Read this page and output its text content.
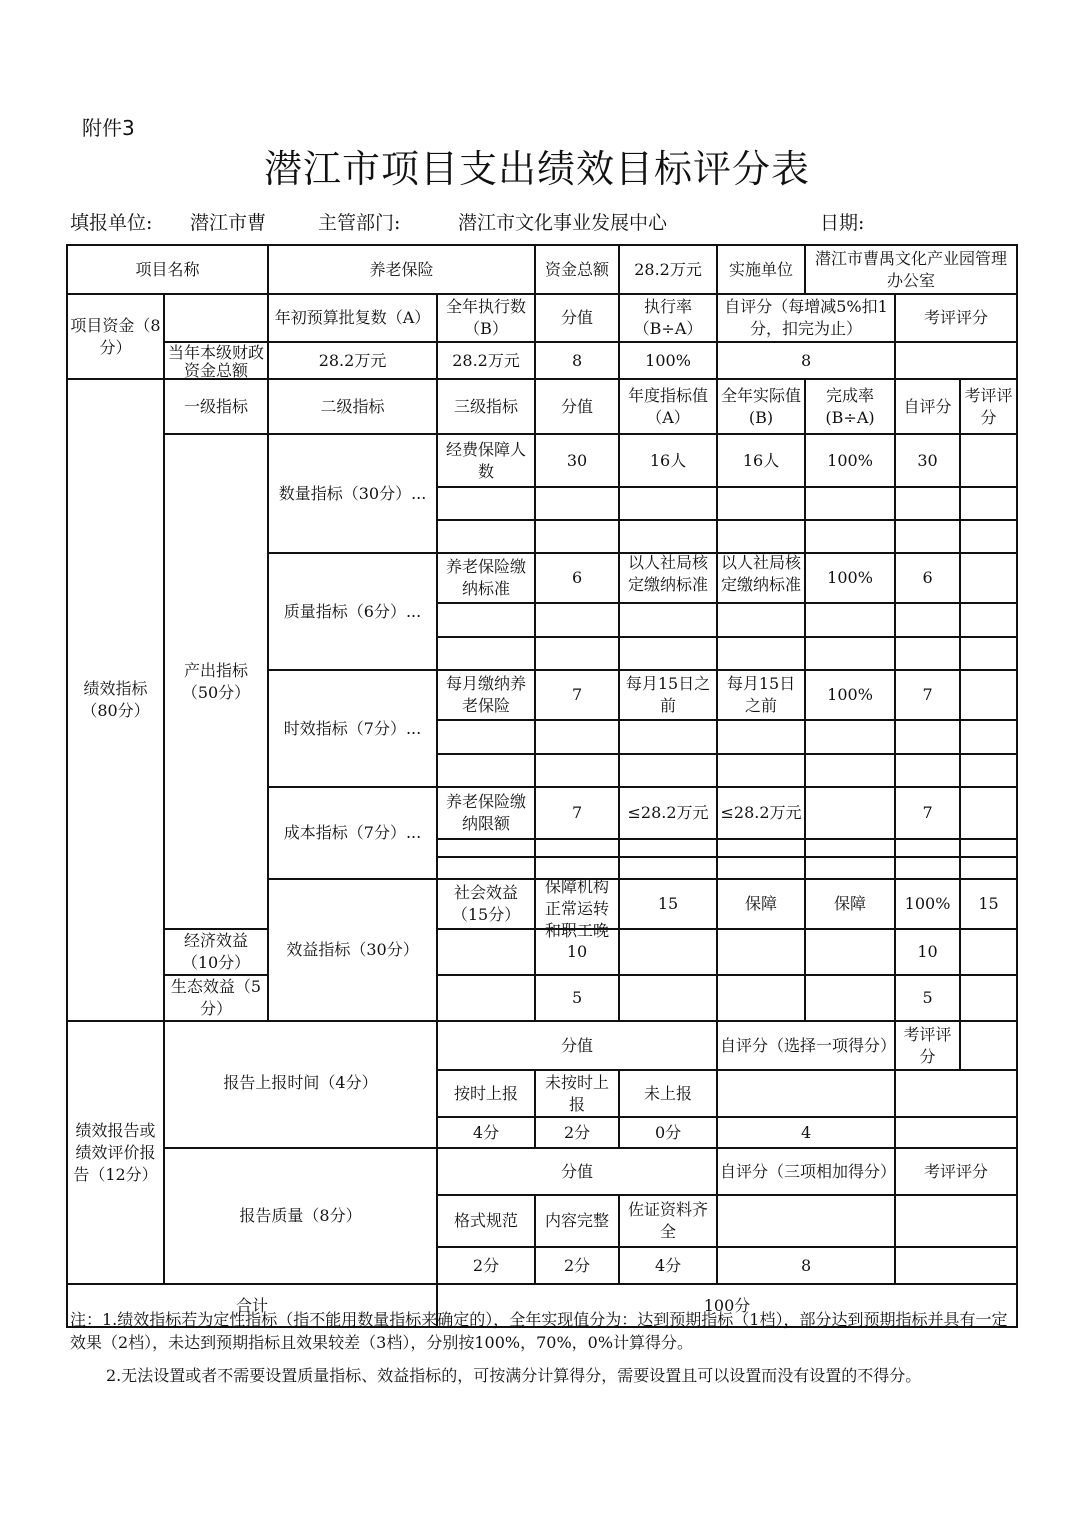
附件3
潜江市项目支出绩效目标评分表
填报单位: 潜江市曹	主管部门:	潜江市文化事业发展中心	日期:
项目名称		养老保险		资金总额	28.2万元	实施单位	潜江市曹禺文化产业园管理办公室			
项目资金（8分）		年初预算批复数（A）	全年执行数（B）	分值	执行率（B÷A）	自评分（每增减5%扣1分，扣完为止）		考评评分		

	当年本级财政资金总额	28.2万元	28.2万元	8	100%	8				
绩效指标（80分）	一级指标	二级指标	三级指标	分值	年度指标值（A）	全年实际值(B)	完成率(B÷A)	自评分	考评评分	
	产出指标（50分）	数量指标（30分）...	经费保障人数	30	16人	16人	100%	30		

		质量指标（6分）...	养老保险缴纳标准	6	以人社局核定缴纳标准	以人社局核定缴纳标准	100%	6		

		时效指标（7分）...	每月缴纳养老保险	7	每月15日之前	每月15日之前	100%	7		

		成本指标（7分）...	养老保险缴纳限额	7	≤28.2万元	≤28.2万元		7		

		效益指标（30分）	社会效益（15分）	保障机构正常运转和职工晚	15	保障	保障	100%	15	
	经济效益（10分）			10				10		
	生态效益（5分）			5				5		
绩效报告或绩效评价报告（12分）	报告上报时间（4分）		分值			自评分（选择一项得分）		考评评分		
			按时上报	未按时上报	未上报					
			4分	2分	0分	4				
	报告质量（8分）		分值			自评分（三项相加得分）		考评评分		
			格式规范	内容完整	佐证资料齐全					
			2分	2分	4分	8				
合计			100分							
注：1.绩效指标若为定性指标（指不能用数量指标来确定的），全年实现值分为：达到预期指标（1档），部分达到预期指标并具有一定效果（2档），未达到预期指标且效果较差（3档），分别按100%，70%，0%计算得分。
2.无法设置或者不需要设置质量指标、效益指标的，可按满分计算得分，需要设置且可以设置而没有设置的不得分。
